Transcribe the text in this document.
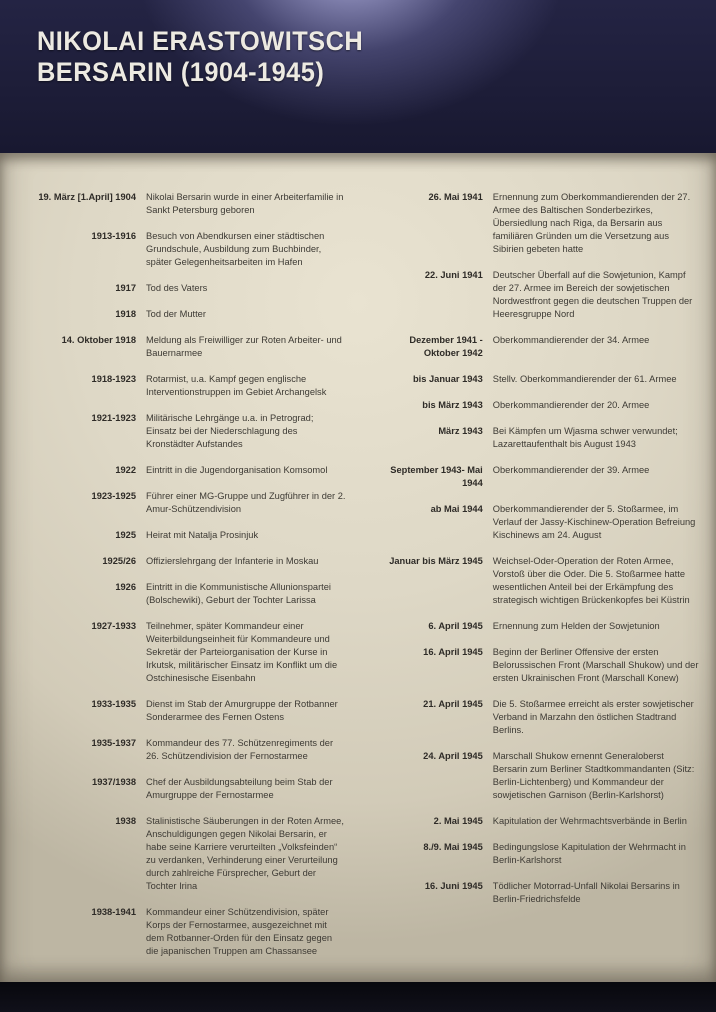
NIKOLAI ERASTOWITSCH
BERSARIN (1904-1945)
19. März [1.April] 1904 Nikolai Bersarin wurde in einer Arbeiterfamilie in Sankt Petersburg geboren
1913-1916 Besuch von Abendkursen einer städtischen Grundschule, Ausbildung zum Buchbinder, später Gelegenheitsarbeiten im Hafen
1917 Tod des Vaters
1918 Tod der Mutter
14. Oktober 1918 Meldung als Freiwilliger zur Roten Arbeiter- und Bauernarmee
1918-1923 Rotarmist, u.a. Kampf gegen englische Interventionstruppen im Gebiet Archangelsk
1921-1923 Militärische Lehrgänge u.a. in Petrograd; Einsatz bei der Niederschlagung des Kronstädter Aufstandes
1922 Eintritt in die Jugendorganisation Komsomol
1923-1925 Führer einer MG-Gruppe und Zugführer in der 2. Amur-Schützendivision
1925 Heirat mit Natalja Prosinjuk
1925/26 Offizierslehrgang der Infanterie in Moskau
1926 Eintritt in die Kommunistische Allunionspartei (Bolschewiki), Geburt der Tochter Larissa
1927-1933 Teilnehmer, später Kommandeur einer Weiterbildungseinheit für Kommandeure und Sekretär der Parteiorganisation der Kurse in Irkutsk, militärischer Einsatz im Konflikt um die Ostchinesische Eisenbahn
1933-1935 Dienst im Stab der Amurgruppe der Rotbanner Sonderarmee des Fernen Ostens
1935-1937 Kommandeur des 77. Schützenregiments der 26. Schützendivision der Fernostarmee
1937/1938 Chef der Ausbildungsabteilung beim Stab der Amurgruppe der Fernostarmee
1938 Stalinistische Säuberungen in der Roten Armee, Anschuldigungen gegen Nikolai Bersarin, er habe seine Karriere verurteilten „Volksfeinden“ zu verdanken, Verhinderung einer Verurteilung durch zahlreiche Fürsprecher, Geburt der Tochter Irina
1938-1941 Kommandeur einer Schützendivision, später Korps der Fernostarmee, ausgezeichnet mit dem Rotbanner-Orden für den Einsatz gegen die japanischen Truppen am Chassansee
26. Mai 1941 Ernennung zum Oberkommandierenden der 27. Armee des Baltischen Sonderbezirkes, Übersiedlung nach Riga, da Bersarin aus familiären Gründen um die Versetzung aus Sibirien gebeten hatte
22. Juni 1941 Deutscher Überfall auf die Sowjetunion, Kampf der 27. Armee im Bereich der sowjetischen Nordwestfront gegen die deutschen Truppen der Heeresgruppe Nord
Dezember 1941 - Oktober 1942
Oberkommandierender der 34. Armee
bis Januar 1943 Stellv. Oberkommandierender der 61. Armee
bis März 1943 Oberkommandierender der 20. Armee
März 1943 Bei Kämpfen um Wjasma schwer verwundet; Lazarettaufenthalt bis August 1943
September 1943- Mai 1944
Oberkommandierender der 39. Armee
ab Mai 1944 Oberkommandierender der 5. Stoßarmee, im Verlauf der Jassy-Kischinew-Operation Befreiung Kischinews am 24. August
Januar bis März 1945 Weichsel-Oder-Operation der Roten Armee, Vorstoß über die Oder. Die 5. Stoßarmee hatte wesentlichen Anteil bei der Erkämpfung des strategisch wichtigen Brückenkopfes bei Küstrin
6. April 1945 Ernennung zum Helden der Sowjetunion
16. April 1945 Beginn der Berliner Offensive der ersten Belorussischen Front (Marschall Shukow) und der ersten Ukrainischen Front (Marschall Konew)
21. April 1945 Die 5. Stoßarmee erreicht als erster sowjetischer Verband in Marzahn den östlichen Stadtrand Berlins.
24. April 1945 Marschall Shukow ernennt Generaloberst Bersarin zum Berliner Stadtkommandanten (Sitz: Berlin-Lichtenberg) und Kommandeur der sowjetischen Garnison (Berlin-Karlshorst)
2. Mai 1945 Kapitulation der Wehrmachtsverbände in Berlin
8./9. Mai 1945 Bedingungslose Kapitulation der Wehrmacht in Berlin-Karlshorst
16. Juni 1945 Tödlicher Motorrad-Unfall Nikolai Bersarins in Berlin-Friedrichsfelde
